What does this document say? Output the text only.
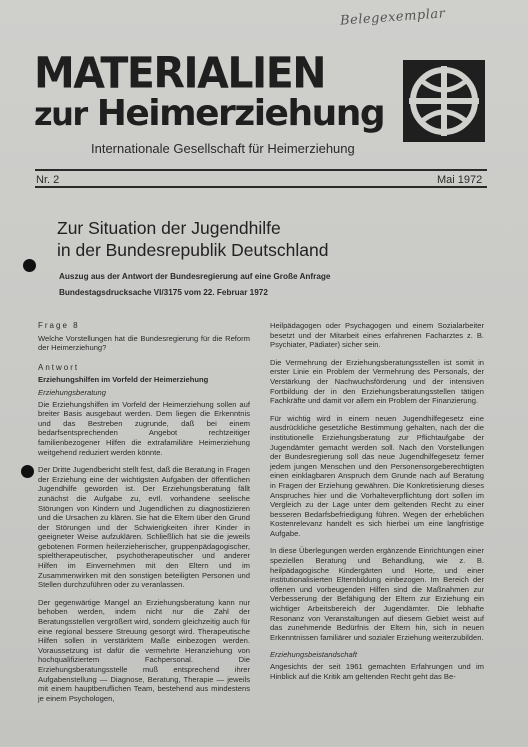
Belegexemplar
MATERIALIEN
zur Heimerziehung
Internationale Gesellschaft für Heimerziehung
Nr. 2	Mai 1972
Zur Situation der Jugendhilfe
in der Bundesrepublik Deutschland
Auszug aus der Antwort der Bundesregierung auf eine Große Anfrage
Bundestagsdrucksache VI/3175 vom 22. Februar 1972
Frage 8

Welche Vorstellungen hat die Bundesregierung für die Reform der Heimerziehung?

Antwort
Erziehungshilfen im Vorfeld der Heimerziehung
Erziehungsberatung

Die Erziehungshilfen im Vorfeld der Heimerziehung sollen auf breiter Basis ausgebaut werden. Dem liegen die Erkenntnis und das Bestreben zugrunde, daß bei einem bedarfsentsprechenden Angebot rechtzeitiger familienbezogener Hilfen die extrafamiliäre Heimerziehung weitgehend reduziert werden könnte.

Der Dritte Jugendbericht stellt fest, daß die Beratung in Fragen der Erziehung eine der wichtigsten Aufgaben der öffentlichen Jugendhilfe geworden ist. Der Erziehungsberatung fällt zunächst die Aufgabe zu, evtl. vorhandene seelische Störungen von Kindern und Jugendlichen zu diagnostizieren und die Ursachen zu klären. Sie hat die Eltern über den Grund der Störungen und der Schwierigkeiten ihrer Kinder in geeigneter Weise aufzuklären. Schließlich hat sie die jeweils gebotenen Formen heilerzieherischer, gruppenpädagogischer, spieltherapeutischer, psychotherapeutischer und anderer Hilfen im Einvernehmen mit den Eltern und im Zusammenwirken mit den sonstigen beteiligten Personen und Stellen durchzuführen oder zu veranlassen.

Der gegenwärtige Mangel an Erziehungsberatung kann nur behoben werden, indem nicht nur die Zahl der Beratungsstellen vergrößert wird, sondern gleichzeitig auch für eine regional bessere Streuung gesorgt wird. Therapeutische Hilfen sollen in verstärktem Maße einbezogen werden. Voraussetzung ist dafür die vermehrte Heranziehung von hochqualifiziertem Fachpersonal. Die Erziehungsberatungsstelle muß entsprechend ihrer Aufgabenstellung — Diagnose, Beratung, Therapie — jeweils mit einem hauptberuflichen Team, bestehend aus mindestens je einem Psychologen,

Heilpädagogen oder Psychagogen und einem Sozialarbeiter besetzt und der Mitarbeit eines erfahrenen Facharztes z. B. Psychiater, Pädiater) sicher sein.

Die Vermehrung der Erziehungsberatungsstellen ist somit in erster Linie ein Problem der Vermehrung des Personals, der Verstärkung der Nachwuchsförderung und der intensiven Fortbildung der in den Erziehungsberatungsstellen tätigen Fachkräfte und damit vor allem ein Problem der Finanzierung.

Für wichtig wird in einem neuen Jugendhilfegesetz eine ausdrückliche gesetzliche Bestimmung gehalten, nach der die institutionelle Erziehungsberatung zur Pflichtaufgabe der Jugendämter gemacht werden soll. Nach den Vorstellungen der Bundesregierung soll das neue Jugendhilfegesetz ferner jedem jungen Menschen und den Personensorgeberechtigten einen einklagbaren Anspruch dem Grunde nach auf Beratung in Fragen der Erziehung gewähren. Die Konkretisierung dieses Anspruches hier und die Vorhalteverpflichtung dort sollen im Vergleich zu der Lage unter dem geltenden Recht zu einer besseren Bedarfsbefriedigung führen. Wegen der erheblichen Kostenrelevanz handelt es sich hierbei um eine langfristige Aufgabe.

In diese Überlegungen werden ergänzende Einrichtungen einer speziellen Beratung und Behandlung, wie z. B. heilpädagogische Kindergärten und Horte, und einer institutionalisierten Elternbildung einbezogen. Im Bereich der offenen und vorbeugenden Hilfen sind die Maßnahmen zur Verbesserung der Befähigung der Eltern zur Erziehung ein wichtiger Arbeitsbereich der Jugendämter. Die lebhafte Resonanz von Veranstaltungen auf diesem Gebiet weist auf das zunehmende Bedürfnis der Eltern hin, sich in neuen Erkenntnissen familiärer und sozialer Erziehung weiterzubilden.

Erziehungsbeistandschaft

Angesichts der seit 1961 gemachten Erfahrungen und im Hinblick auf die Kritik am geltenden Recht geht das Be-
